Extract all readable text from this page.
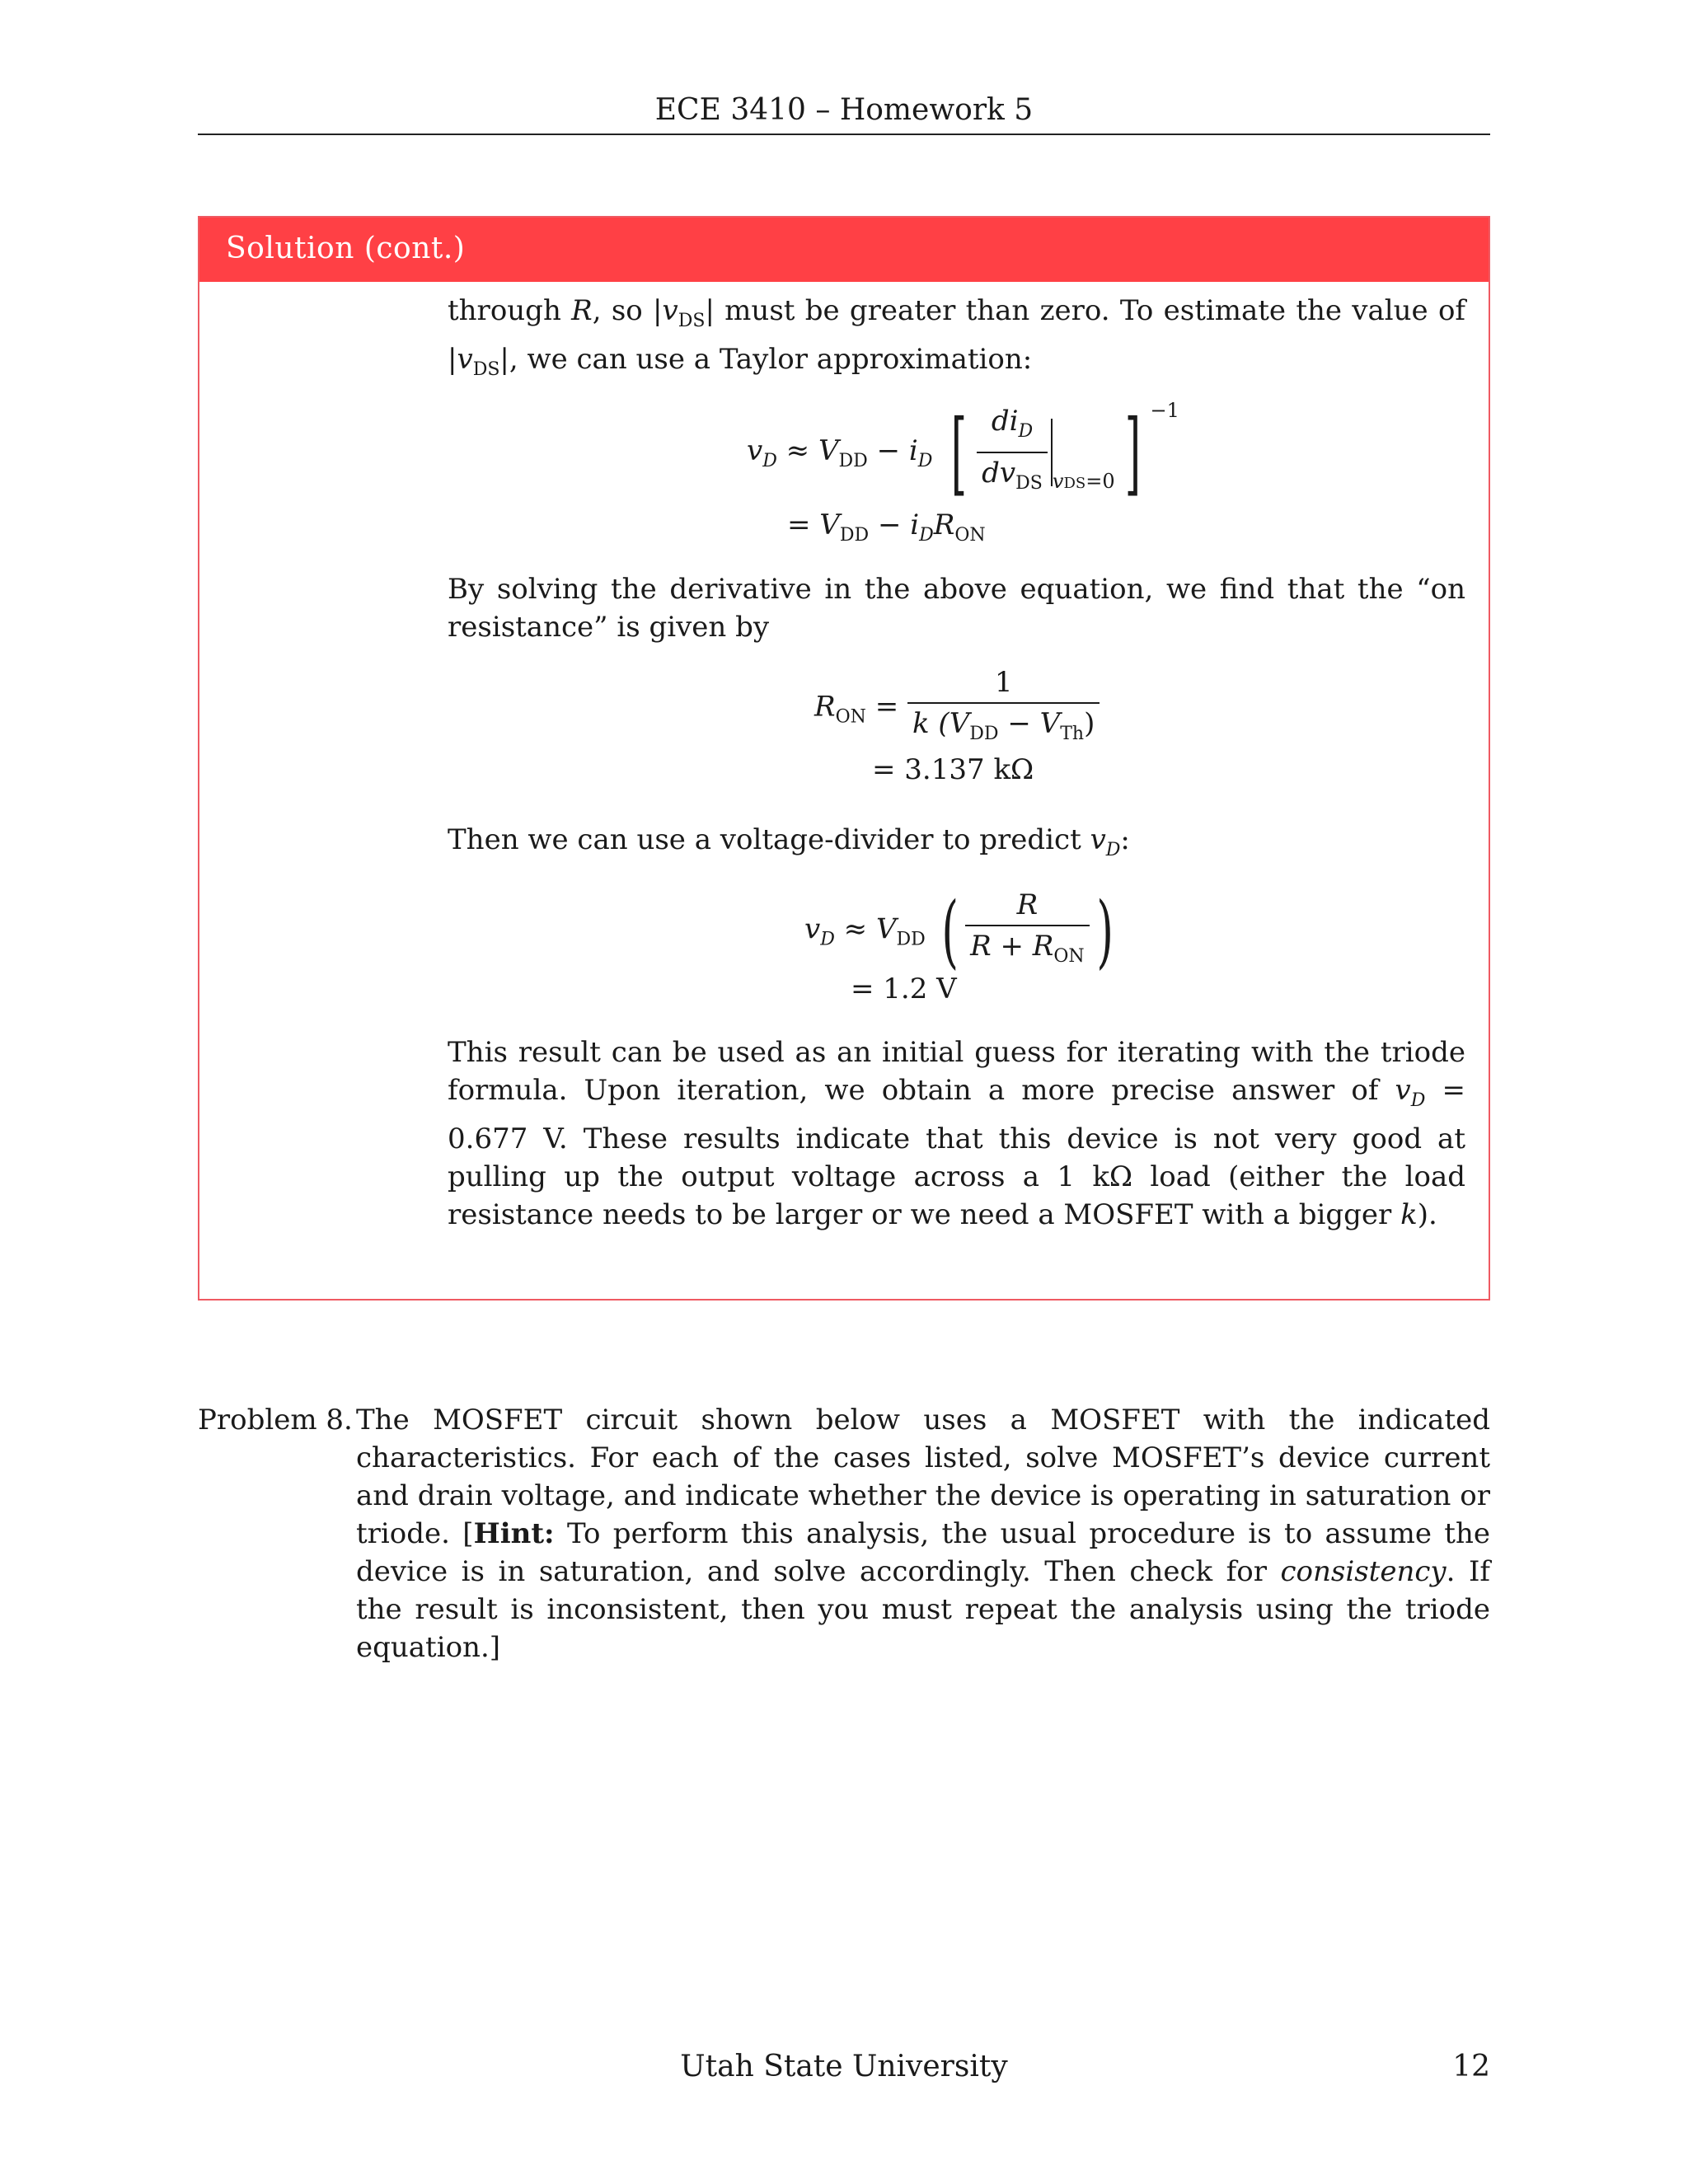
ECE 3410 – Homework 5
Solution (cont.)
through R, so $|v_{DS}|$ must be greater than zero. To estimate the value of $|v_{DS}|$, we can use a Taylor approximation:
$v_D \approx V_{DD} - i_D$ [ $\frac{di_D}{dv_{DS}} vDS=0$ ] −1
= $V_{DD} - i_DR_{ON}$
By solving the derivative in the above equation, we find that the “on resistance” is given by
$R_{ON} = \frac{1}{k (V_{DD} - V_{Th})}$
= 3.137 kΩ
Then we can use a voltage-divider to predict $v_D$:
$v_D \approx V_{DD}$ ( $\frac{R}{R + R_{ON}}$ )
= 1.2 V
This result can be used as an initial guess for iterating with the triode formula. Upon iteration, we obtain a more precise answer of $v_D = 0.677$ V. These results indicate that this device is not very good at pulling up the output voltage across a 1 kΩ load (either the load resistance needs to be larger or we need a MOSFET with a bigger k).
Problem 8. The MOSFET circuit shown below uses a MOSFET with the indicated characteristics. For each of the cases listed, solve MOSFET’s device current and drain voltage, and indicate whether the device is operating in saturation or triode. [Hint: To perform this analysis, the usual procedure is to assume the device is in saturation, and solve accordingly. Then check for consistency. If the result is inconsistent, then you must repeat the analysis using the triode equation.]
Utah State University	12
